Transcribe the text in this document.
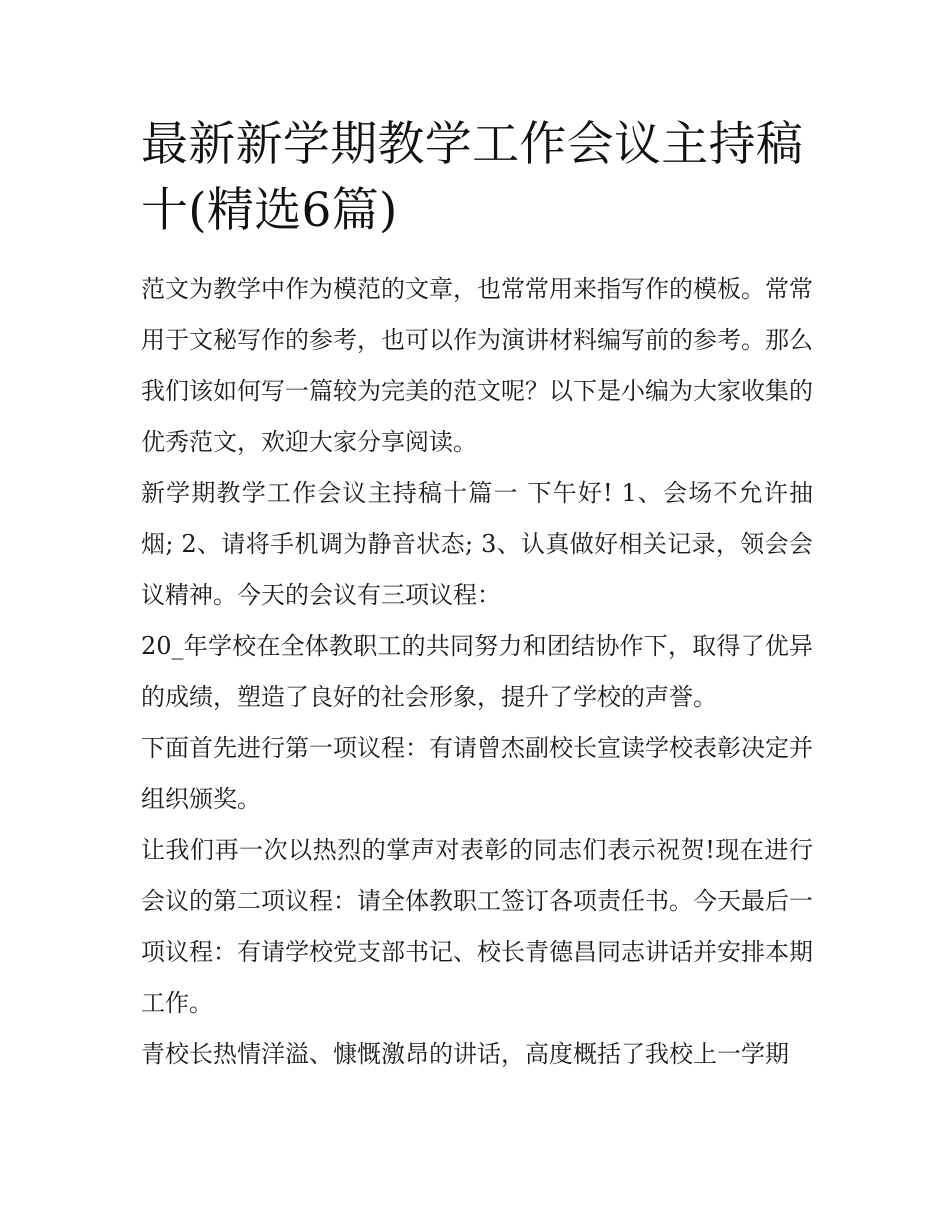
最新新学期教学工作会议主持稿十(精选6篇)

范文为教学中作为模范的文章，也常常用来指写作的模板。常常用于文秘写作的参考，也可以作为演讲材料编写前的参考。那么我们该如何写一篇较为完美的范文呢？以下是小编为大家收集的优秀范文，欢迎大家分享阅读。

新学期教学工作会议主持稿十篇一 下午好! 1、会场不允许抽烟; 2、请将手机调为静音状态; 3、认真做好相关记录，领会会议精神。今天的会议有三项议程：

20_年学校在全体教职工的共同努力和团结协作下，取得了优异的成绩，塑造了良好的社会形象，提升了学校的声誉。

下面首先进行第一项议程：有请曾杰副校长宣读学校表彰决定并组织颁奖。

让我们再一次以热烈的掌声对表彰的同志们表示祝贺!现在进行会议的第二项议程：请全体教职工签订各项责任书。今天最后一项议程：有请学校党支部书记、校长青德昌同志讲话并安排本期工作。

青校长热情洋溢、慷慨激昂的讲话，高度概括了我校上一学期
